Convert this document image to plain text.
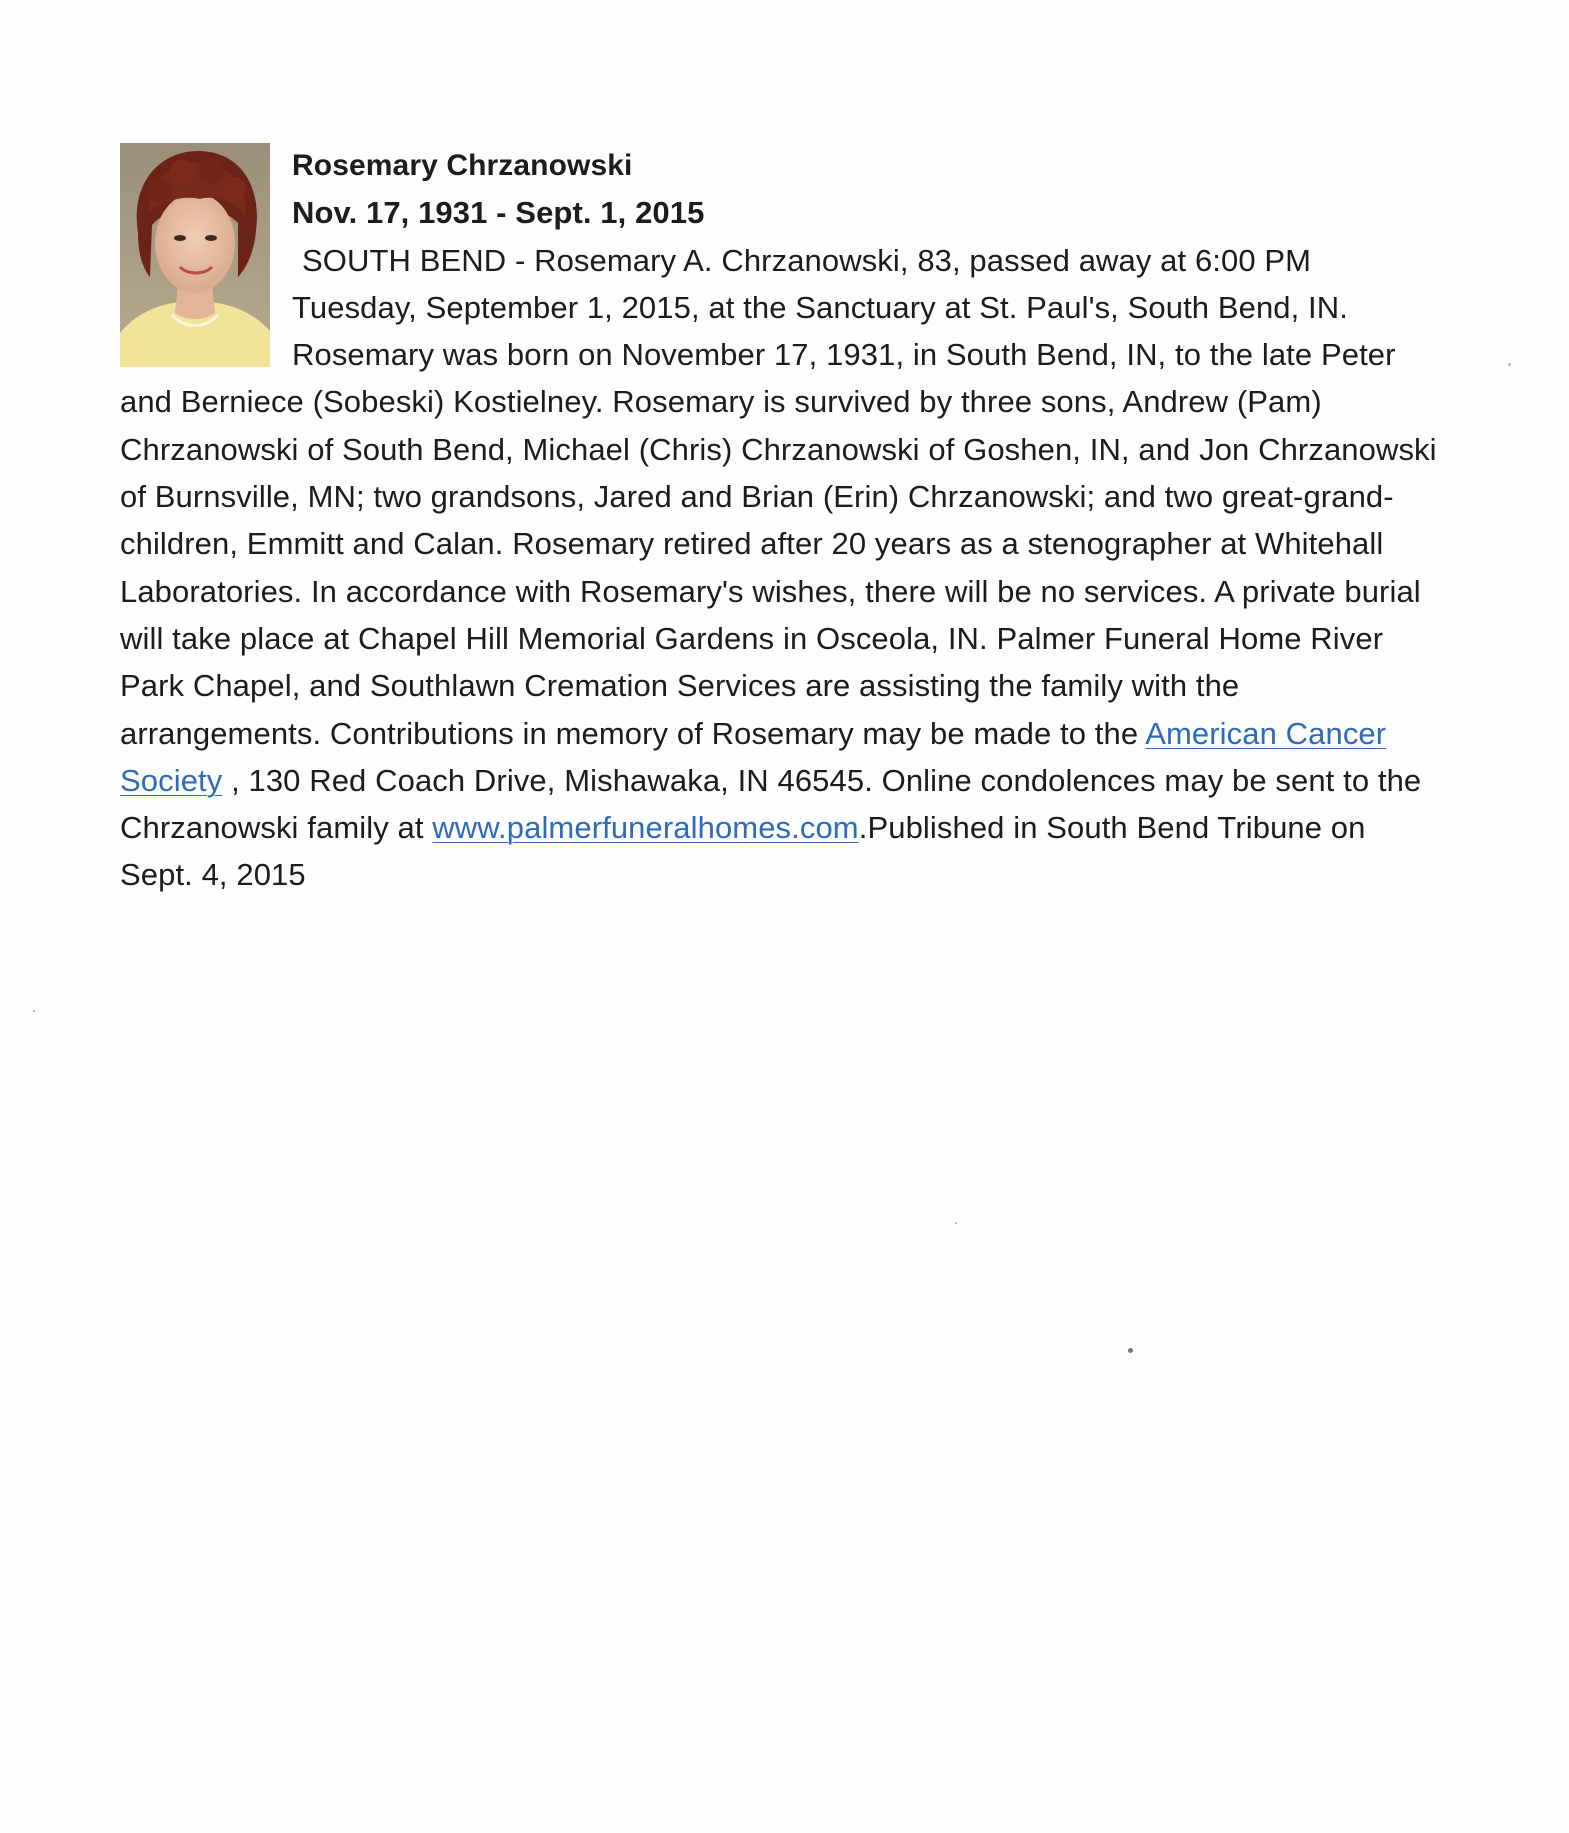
Rosemary Chrzanowski
Nov. 17, 1931 - Sept. 1, 2015
SOUTH BEND - Rosemary A. Chrzanowski, 83, passed away at 6:00 PM Tuesday, September 1, 2015, at the Sanctuary at St. Paul's, South Bend, IN. Rosemary was born on November 17, 1931, in South Bend, IN, to the late Peter and Berniece (Sobeski) Kostielney. Rosemary is survived by three sons, Andrew (Pam) Chrzanowski of South Bend, Michael (Chris) Chrzanowski of Goshen, IN, and Jon Chrzanowski of Burnsville, MN; two grandsons, Jared and Brian (Erin) Chrzanowski; and two great-grand-children, Emmitt and Calan. Rosemary retired after 20 years as a stenographer at Whitehall Laboratories. In accordance with Rosemary's wishes, there will be no services. A private burial will take place at Chapel Hill Memorial Gardens in Osceola, IN. Palmer Funeral Home River Park Chapel, and Southlawn Cremation Services are assisting the family with the arrangements. Contributions in memory of Rosemary may be made to the American Cancer Society , 130 Red Coach Drive, Mishawaka, IN 46545. Online condolences may be sent to the Chrzanowski family at www.palmerfuneralhomes.com.Published in South Bend Tribune on Sept. 4, 2015
